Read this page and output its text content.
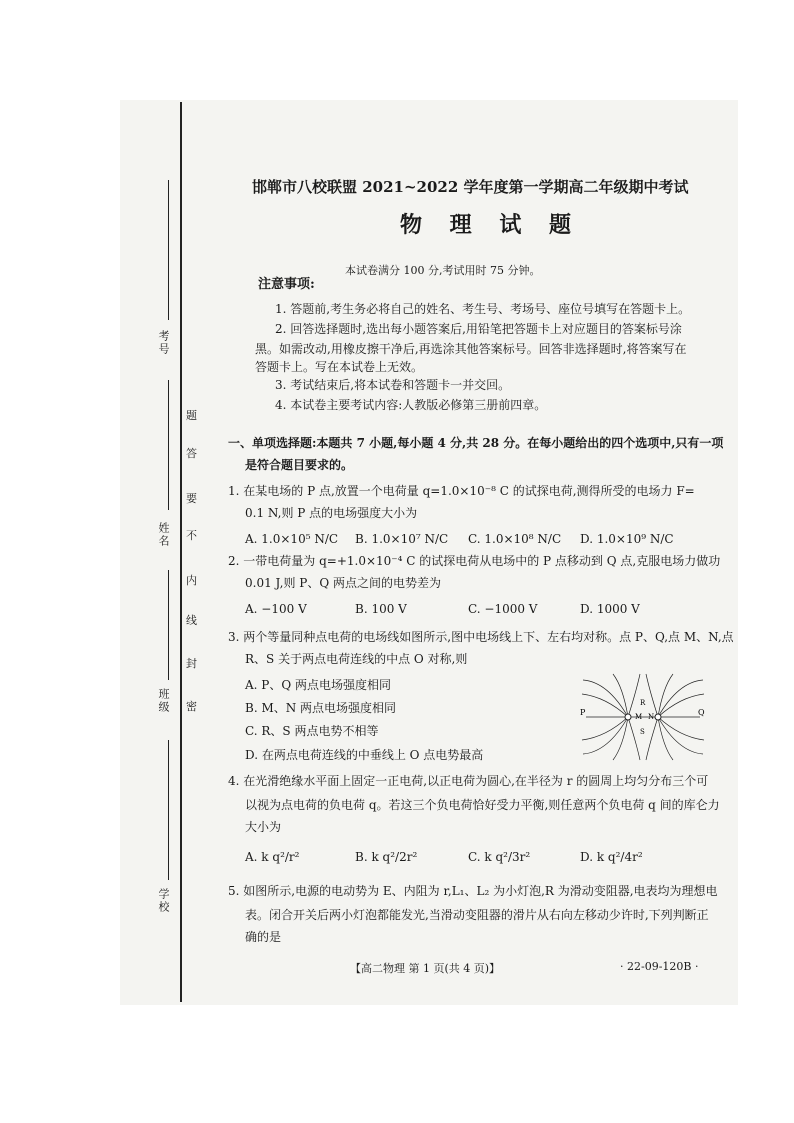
考号
姓名
班级
学校
题
答
要
不
内
线
封
密
邯郸市八校联盟 2021~2022 学年度第一学期高二年级期中考试
物 理 试 题
本试卷满分 100 分,考试用时 75 分钟。
注意事项:
1. 答题前,考生务必将自己的姓名、考生号、考场号、座位号填写在答题卡上。
2. 回答选择题时,选出每小题答案后,用铅笔把答题卡上对应题目的答案标号涂
黑。如需改动,用橡皮擦干净后,再选涂其他答案标号。回答非选择题时,将答案写在
答题卡上。写在本试卷上无效。
3. 考试结束后,将本试卷和答题卡一并交回。
4. 本试卷主要考试内容:人教版必修第三册前四章。
一、单项选择题:本题共 7 小题,每小题 4 分,共 28 分。在每小题给出的四个选项中,只有一项
是符合题目要求的。
1. 在某电场的 P 点,放置一个电荷量 q=1.0×10⁻⁸ C 的试探电荷,测得所受的电场力 F=
0.1 N,则 P 点的电场强度大小为
A. 1.0×10⁵ N/C B. 1.0×10⁷ N/C C. 1.0×10⁸ N/C D. 1.0×10⁹ N/C
2. 一带电荷量为 q=+1.0×10⁻⁴ C 的试探电荷从电场中的 P 点移动到 Q 点,克服电场力做功
0.01 J,则 P、Q 两点之间的电势差为
A. −100 V	B. 100 V	C. −1000 V	D. 1000 V
3. 两个等量同种点电荷的电场线如图所示,图中电场线上下、左右均对称。点 P、Q,点 M、N,点
R、S 关于两点电荷连线的中点 O 对称,则
A. P、Q 两点电场强度相同
B. M、N 两点电场强度相同
C. R、S 两点电势不相等
D. 在两点电荷连线的中垂线上 O 点电势最高
P	Q
R
M N
S
4. 在光滑绝缘水平面上固定一正电荷,以正电荷为圆心,在半径为 r 的圆周上均匀分布三个可
以视为点电荷的负电荷 q。若这三个负电荷恰好受力平衡,则任意两个负电荷 q 间的库仑力
大小为
A. k q²/r²	B. k q²/2r²	C. k q²/3r²	D. k q²/4r²
5. 如图所示,电源的电动势为 E、内阻为 r,L₁、L₂ 为小灯泡,R 为滑动变阻器,电表均为理想电
表。闭合开关后两小灯泡都能发光,当滑动变阻器的滑片从右向左移动少许时,下列判断正
确的是
【高二物理 第 1 页(共 4 页)】	· 22-09-120B ·
